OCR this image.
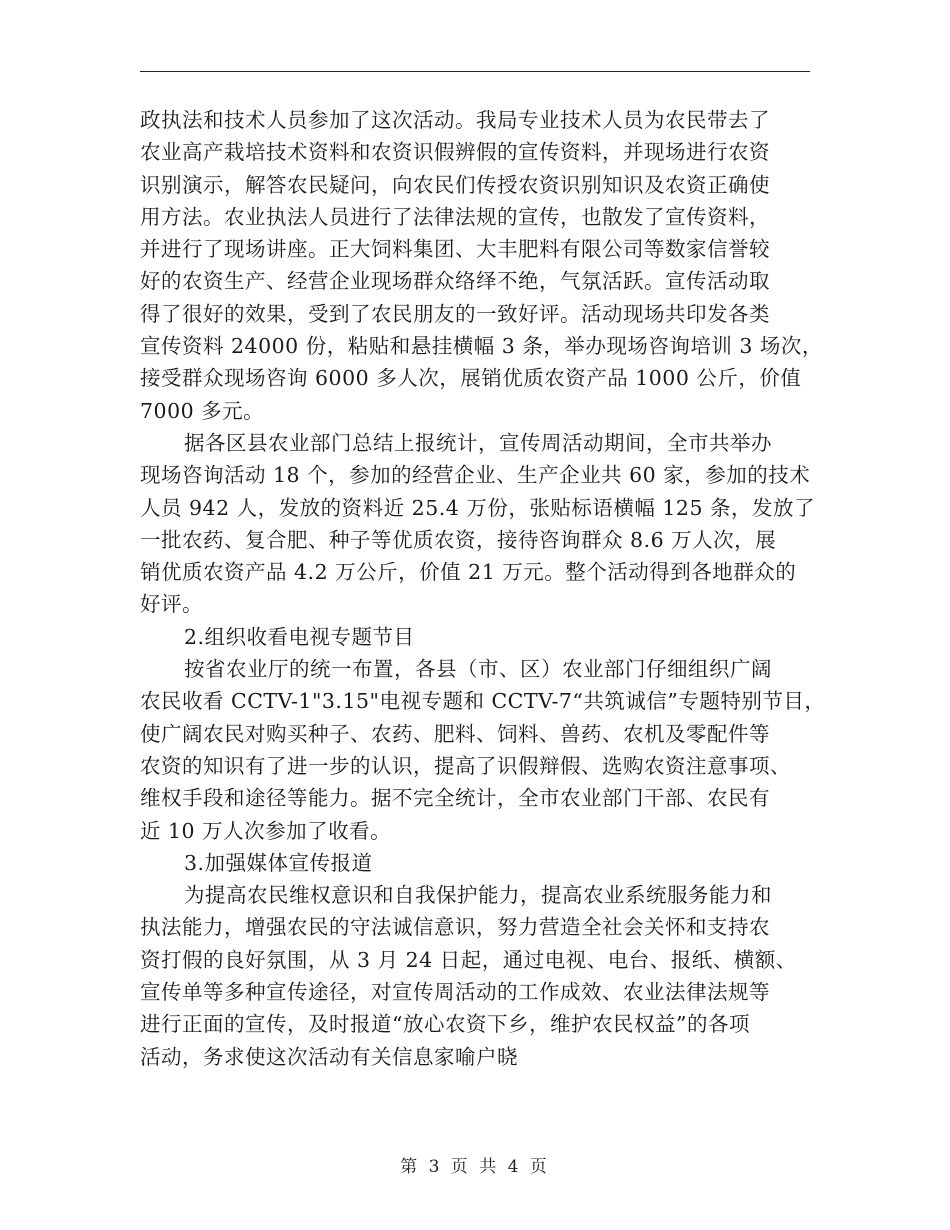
政执法和技术人员参加了这次活动。我局专业技术人员为农民带去了
农业高产栽培技术资料和农资识假辨假的宣传资料，并现场进行农资
识别演示，解答农民疑问，向农民们传授农资识别知识及农资正确使
用方法。农业执法人员进行了法律法规的宣传，也散发了宣传资料，
并进行了现场讲座。正大饲料集团、大丰肥料有限公司等数家信誉较
好的农资生产、经营企业现场群众络绎不绝，气氛活跃。宣传活动取
得了很好的效果，受到了农民朋友的一致好评。活动现场共印发各类
宣传资料 24000 份，粘贴和悬挂横幅 3 条，举办现场咨询培训 3 场次，
接受群众现场咨询 6000 多人次，展销优质农资产品 1000 公斤，价值
7000 多元。

据各区县农业部门总结上报统计，宣传周活动期间，全市共举办
现场咨询活动 18 个，参加的经营企业、生产企业共 60 家，参加的技术
人员 942 人，发放的资料近 25.4 万份，张贴标语横幅 125 条，发放了
一批农药、复合肥、种子等优质农资，接待咨询群众 8.6 万人次，展
销优质农资产品 4.2 万公斤，价值 21 万元。整个活动得到各地群众的
好评。

2.组织收看电视专题节目

按省农业厅的统一布置，各县（市、区）农业部门仔细组织广阔
农民收看 CCTV-1"3.15"电视专题和 CCTV-7“共筑诚信”专题特别节目，
使广阔农民对购买种子、农药、肥料、饲料、兽药、农机及零配件等
农资的知识有了进一步的认识，提高了识假辩假、选购农资注意事项、
维权手段和途径等能力。据不完全统计，全市农业部门干部、农民有
近 10 万人次参加了收看。

3.加强媒体宣传报道

为提高农民维权意识和自我保护能力，提高农业系统服务能力和
执法能力，增强农民的守法诚信意识，努力营造全社会关怀和支持农
资打假的良好氛围，从 3 月 24 日起，通过电视、电台、报纸、横额、
宣传单等多种宣传途径，对宣传周活动的工作成效、农业法律法规等
进行正面的宣传，及时报道“放心农资下乡，维护农民权益”的各项
活动，务求使这次活动有关信息家喻户晓

第 3 页 共 4 页
